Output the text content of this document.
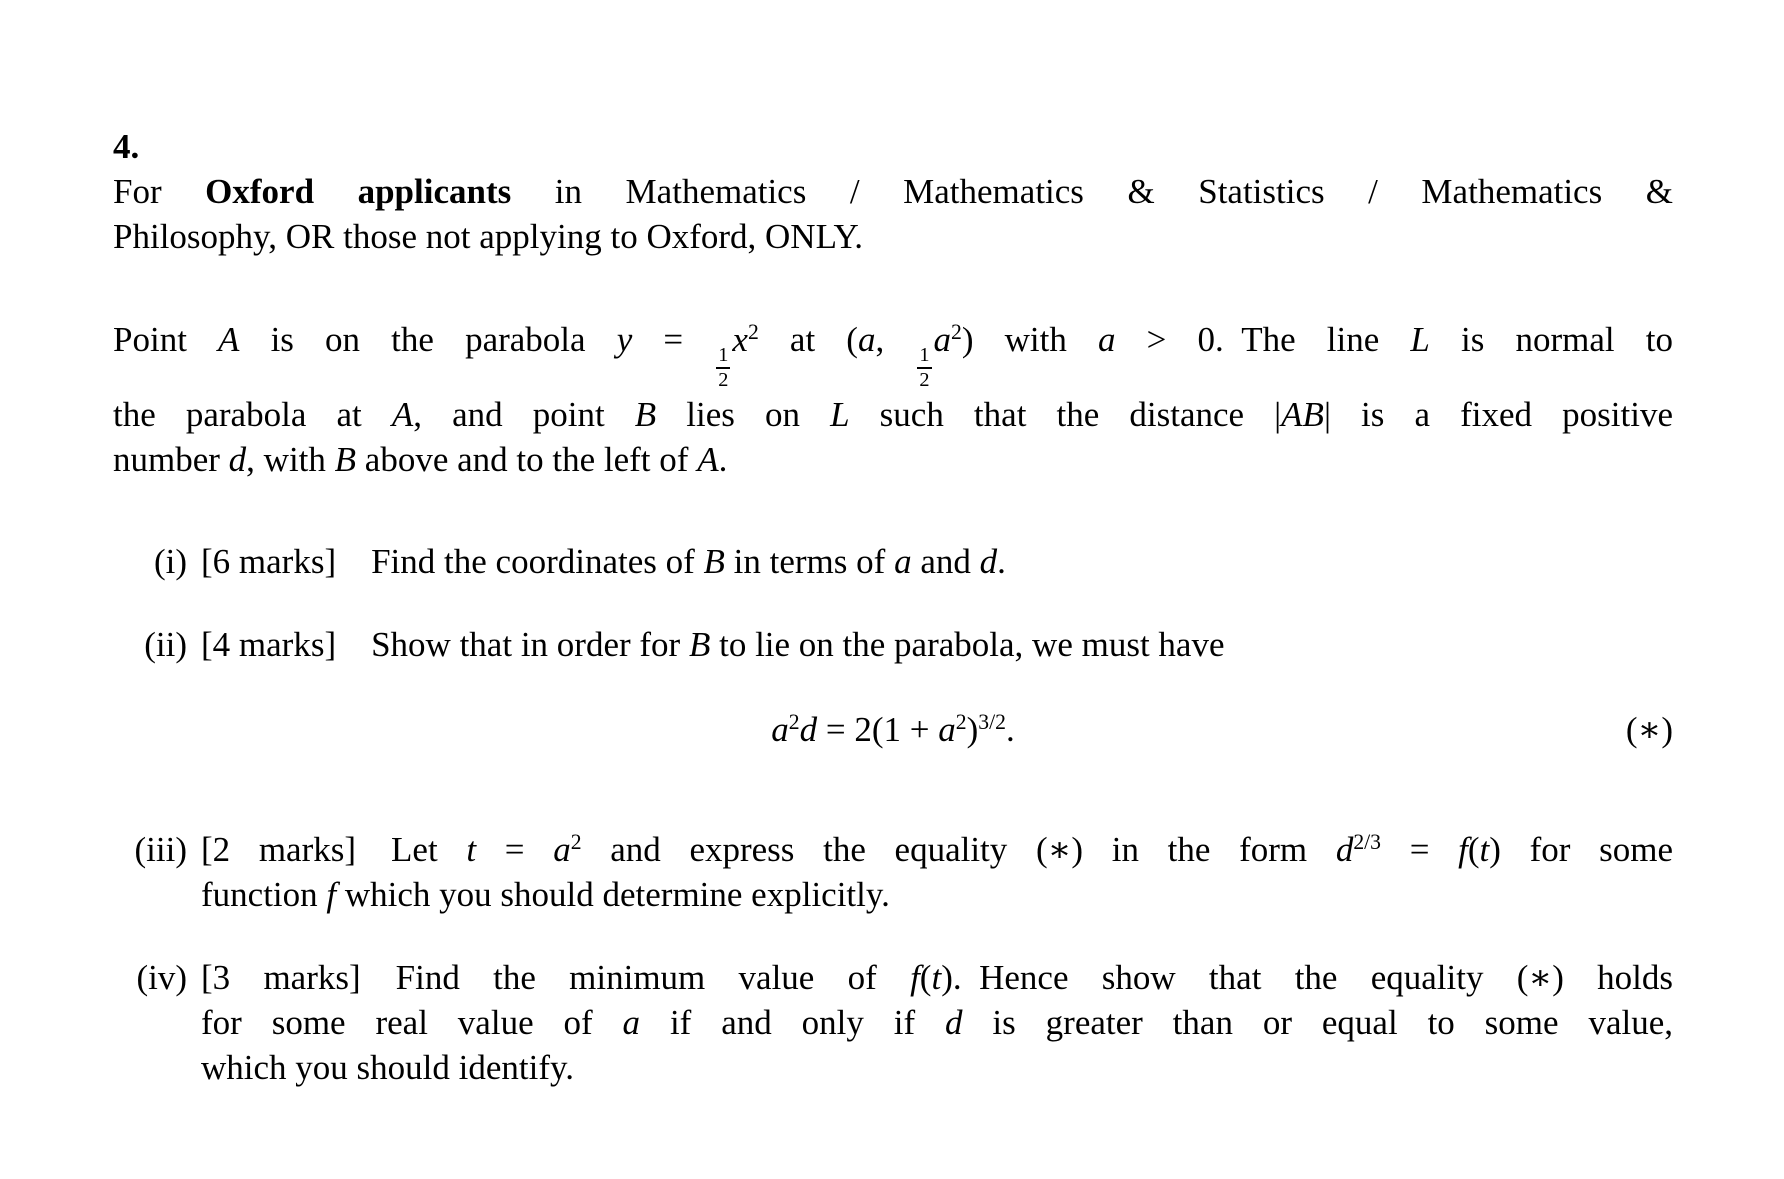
4.
For Oxford applicants in Mathematics / Mathematics & Statistics / Mathematics &
Philosophy, OR those not applying to Oxford, ONLY.
Point A is on the parabola y =
$\frac{1}{2}$
$x^2$ at (a,
$\frac{1}{2}$
$a^2$) with a > 0. The line L is normal to
the parabola at A, and point B lies on L such that the distance |AB| is a fixed positive
number d, with B above and to the left of A.
(i) [6 marks] Find the coordinates of B in terms of a and d.
(ii) [4 marks] Show that in order for B to lie on the parabola, we must have
$a^2d = 2(1 + a^2)^{3/2}$.	(∗)
(iii) [2 marks] Let $t = a^2$ and express the equality (∗) in the form $d^{2/3} = f(t)$ for some
function f which you should determine explicitly.
(iv) [3 marks] Find the minimum value of f(t). Hence show that the equality (∗) holds
for some real value of a if and only if d is greater than or equal to some value,
which you should identify.
